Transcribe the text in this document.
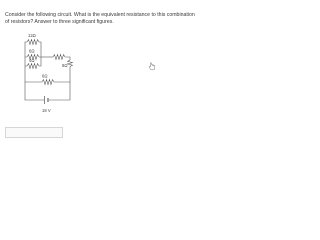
Consider the following circuit. What is the equivalent resistance to this combination of resistors? Answer to three significant figures.

12Ω
6Ω
4Ω
8Ω
6Ω
18 V
